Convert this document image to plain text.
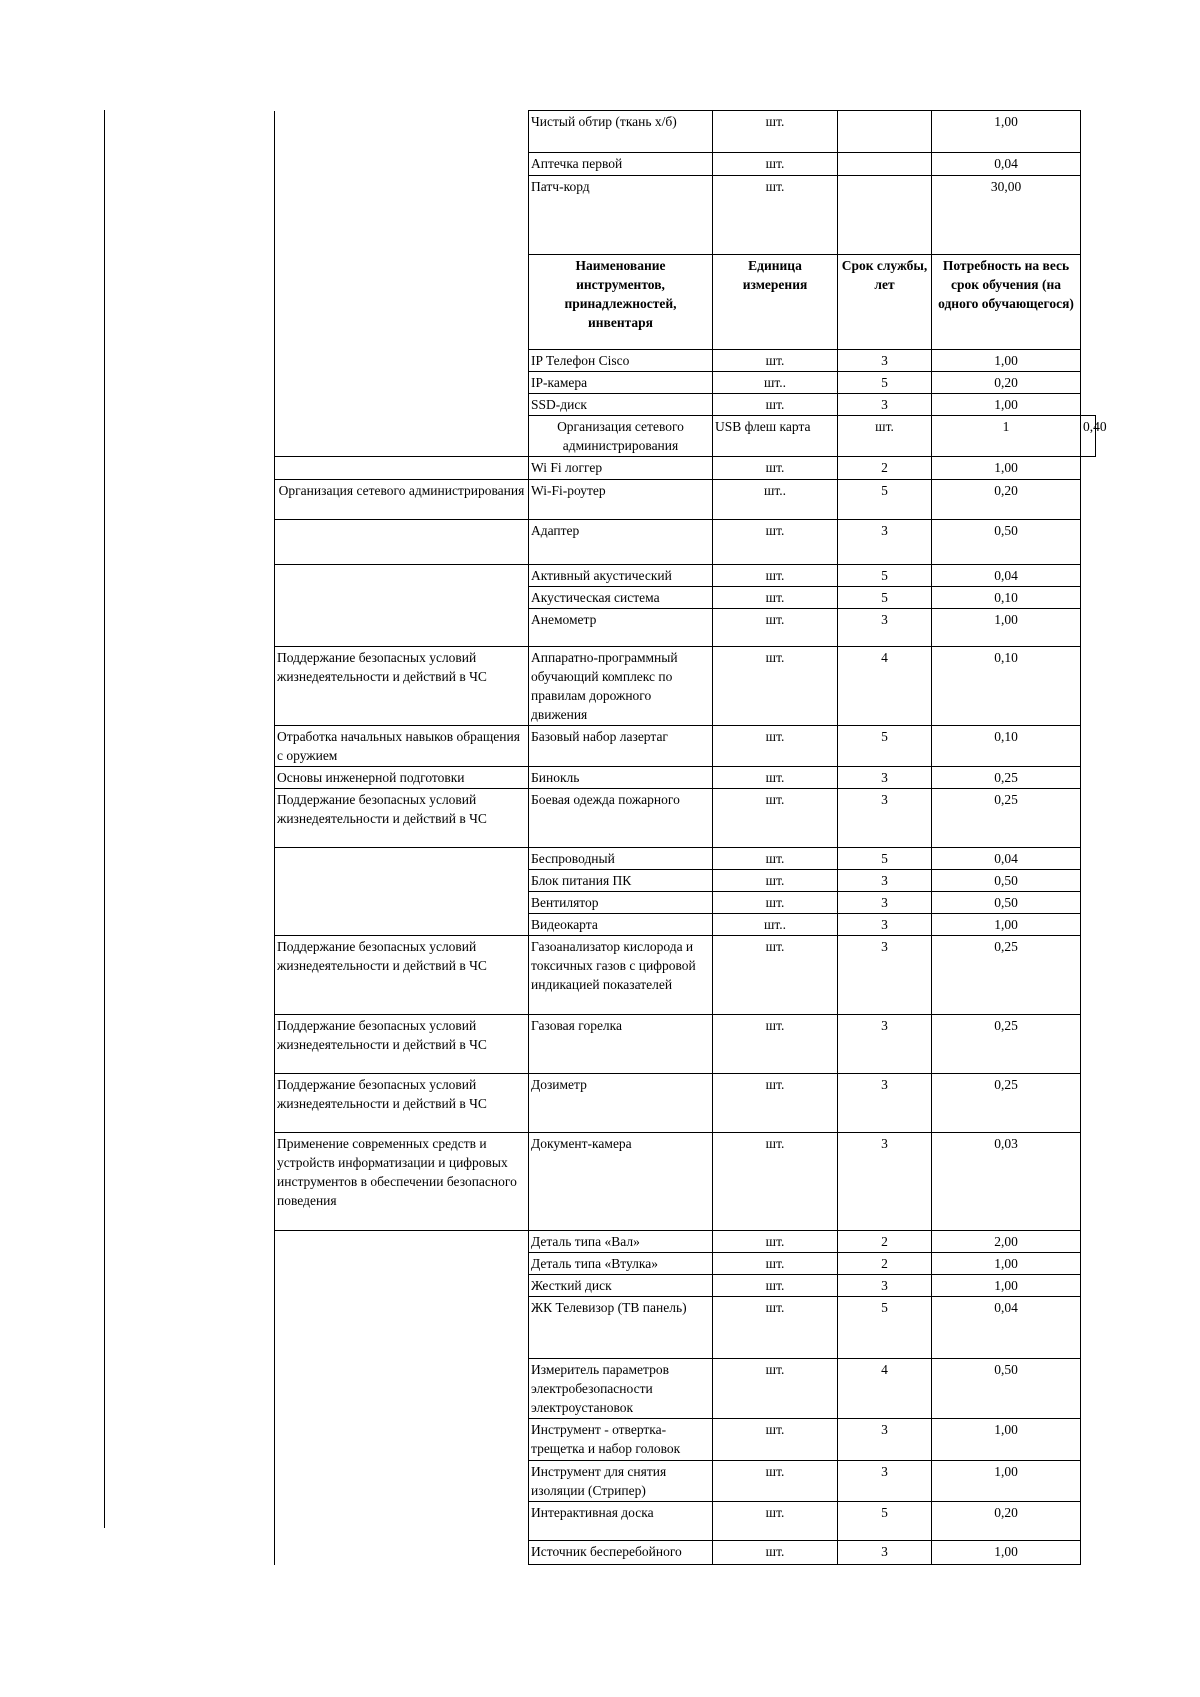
	Чистый обтир (ткань х/б)	шт.		1,00	
	Аптечка первой	шт.		0,04	
	Патч-корд	шт.		30,00	
	Наименование инструментов, принадлежностей, инвентаря	Единица измерения	Срок службы, лет	Потребность на весь срок обучения (на одного обучающегося)	
	IP Телефон Cisco	шт.	3	1,00	
	IP-камера	шт..	5	0,20	
	SSD-диск	шт.	3	1,00	
	Организация сетевого администрирования	USB флеш карта	шт.	1	0,40
	Wi Fi логгер	шт.	2	1,00	
Организация сетевого администрирования	Wi-Fi-роутер	шт..	5	0,20	
	Адаптер	шт.	3	0,50	
	Активный акустический	шт.	5	0,04	
	Акустическая система	шт.	5	0,10	
	Анемометр	шт.	3	1,00	
Поддержание безопасных условий жизнедеятельности и действий в ЧС	Аппаратно-программный обучающий комплекс по правилам дорожного движения	шт.	4	0,10	
Отработка начальных навыков обращения с оружием	Базовый набор лазертаг	шт.	5	0,10	
Основы инженерной подготовки	Бинокль	шт.	3	0,25	
Поддержание безопасных условий жизнедеятельности и действий в ЧС	Боевая одежда пожарного	шт.	3	0,25	
	Беспроводный	шт.	5	0,04	
	Блок питания ПК	шт.	3	0,50	
	Вентилятор	шт.	3	0,50	
	Видеокарта	шт..	3	1,00	
Поддержание безопасных условий жизнедеятельности и действий в ЧС	Газоанализатор кислорода и токсичных газов с цифровой индикацией показателей	шт.	3	0,25	
Поддержание безопасных условий жизнедеятельности и действий в ЧС	Газовая горелка	шт.	3	0,25	
Поддержание безопасных условий жизнедеятельности и действий в ЧС	Дозиметр	шт.	3	0,25	
Применение современных средств и устройств информатизации и цифровых инструментов в обеспечении безопасного поведения	Документ-камера	шт.	3	0,03	
	Деталь типа «Вал»	шт.	2	2,00	
	Деталь типа «Втулка»	шт.	2	1,00	
	Жесткий диск	шт.	3	1,00	
	ЖК Телевизор (ТВ панель)	шт.	5	0,04	
	Измеритель параметров электробезопасности электроустановок	шт.	4	0,50	
	Инструмент - отвертка-трещетка и набор головок	шт.	3	1,00	
	Инструмент для снятия изоляции (Стрипер)	шт.	3	1,00	
	Интерактивная доска	шт.	5	0,20	
	Источник бесперебойного	шт.	3	1,00	
